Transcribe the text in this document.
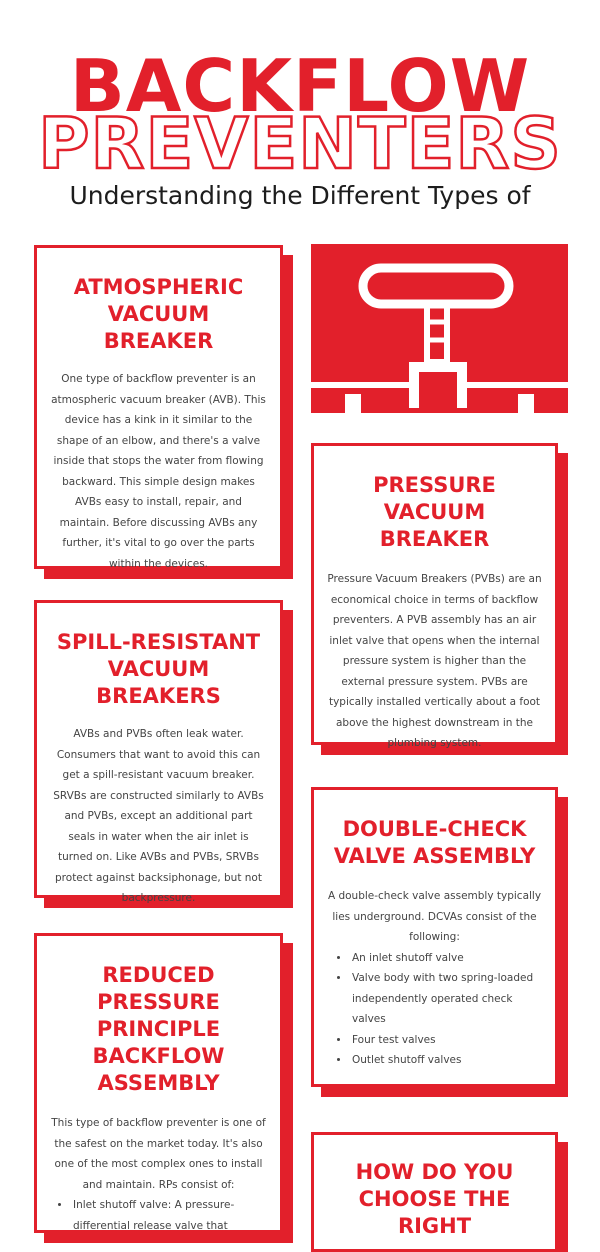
BACKFLOW
PREVENTERS
Understanding the Different Types of
ATMOSPHERIC VACUUM BREAKER

One type of backflow preventer is an atmospheric vacuum breaker (AVB). This device has a kink in it similar to the shape of an elbow, and there's a valve inside that stops the water from flowing backward. This simple design makes AVBs easy to install, repair, and maintain. Before discussing AVBs any further, it's vital to go over the parts within the devices.

PRESSURE VACUUM BREAKER

Pressure Vacuum Breakers (PVBs) are an economical choice in terms of backflow preventers. A PVB assembly has an air inlet valve that opens when the internal pressure system is higher than the external pressure system. PVBs are typically installed vertically about a foot above the highest downstream in the plumbing system.

SPILL-RESISTANT VACUUM BREAKERS

AVBs and PVBs often leak water. Consumers that want to avoid this can get a spill-resistant vacuum breaker. SRVBs are constructed similarly to AVBs and PVBs, except an additional part seals in water when the air inlet is turned on. Like AVBs and PVBs, SRVBs protect against backsiphonage, but not backpressure.

DOUBLE-CHECK VALVE ASSEMBLY

A double-check valve assembly typically lies underground. DCVAs consist of the following:

• An inlet shutoff valve
• Valve body with two spring-loaded independently operated check valves
• Four test valves
• Outlet shutoff valves
REDUCED PRESSURE PRINCIPLE BACKFLOW ASSEMBLY

This type of backflow preventer is one of the safest on the market today. It's also one of the most complex ones to install and maintain. RPs consist of:

• Inlet shutoff valve: A pressure-differential release valve that
HOW DO YOU CHOOSE THE RIGHT
